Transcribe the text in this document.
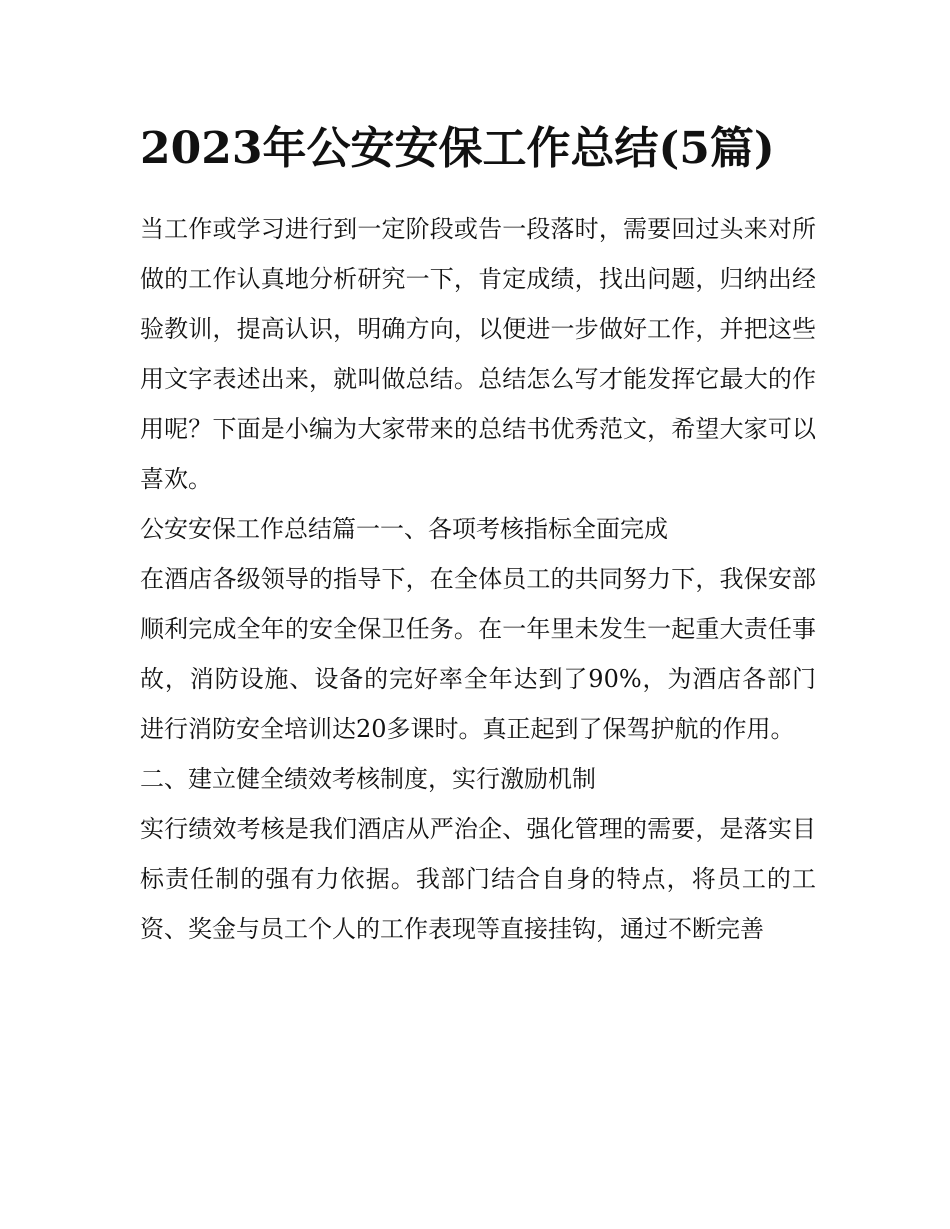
2023年公安安保工作总结(5篇)

当工作或学习进行到一定阶段或告一段落时，需要回过头来对所做的工作认真地分析研究一下，肯定成绩，找出问题，归纳出经验教训，提高认识，明确方向，以便进一步做好工作，并把这些用文字表述出来，就叫做总结。总结怎么写才能发挥它最大的作用呢？下面是小编为大家带来的总结书优秀范文，希望大家可以喜欢。

公安安保工作总结篇一一、各项考核指标全面完成

在酒店各级领导的指导下，在全体员工的共同努力下，我保安部顺利完成全年的安全保卫任务。在一年里未发生一起重大责任事故，消防设施、设备的完好率全年达到了90%，为酒店各部门进行消防安全培训达20多课时。真正起到了保驾护航的作用。

二、建立健全绩效考核制度，实行激励机制

实行绩效考核是我们酒店从严治企、强化管理的需要，是落实目标责任制的强有力依据。我部门结合自身的特点，将员工的工资、奖金与员工个人的工作表现等直接挂钩，通过不断完善
